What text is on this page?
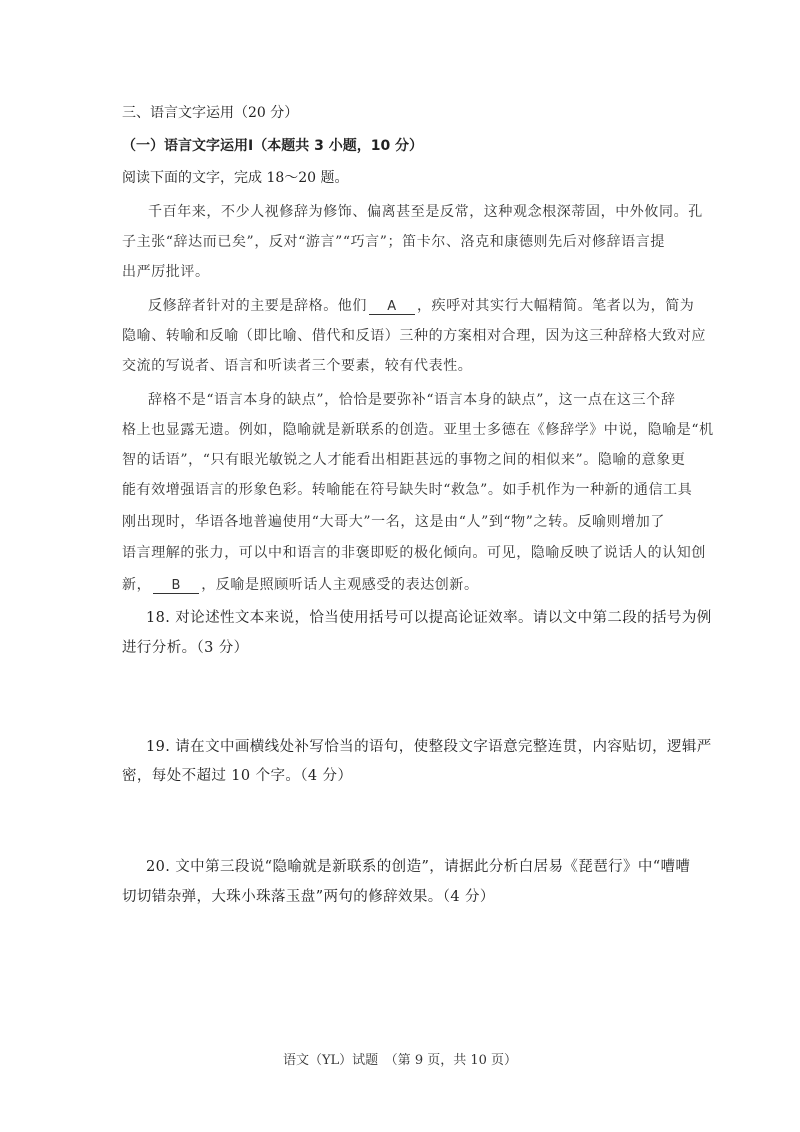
三、语言文字运用（20 分）
（一）语言文字运用Ⅰ（本题共 3 小题，10 分）
阅读下面的文字，完成 18～20 题。
千百年来，不少人视修辞为修饰、偏离甚至是反常，这种观念根深蒂固，中外攸同。孔
子主张“辞达而已矣”，反对“游言”“巧言”；笛卡尔、洛克和康德则先后对修辞语言提
出严厉批评。
反修辞者针对的主要是辞格。他们 A ，疾呼对其实行大幅精简。笔者以为，简为
隐喻、转喻和反喻（即比喻、借代和反语）三种的方案相对合理，因为这三种辞格大致对应
交流的写说者、语言和听读者三个要素，较有代表性。
辞格不是“语言本身的缺点”，恰恰是要弥补“语言本身的缺点”，这一点在这三个辞
格上也显露无遗。例如，隐喻就是新联系的创造。亚里士多德在《修辞学》中说，隐喻是“机
智的话语”，“只有眼光敏锐之人才能看出相距甚远的事物之间的相似来”。隐喻的意象更
能有效增强语言的形象色彩。转喻能在符号缺失时“救急”。如手机作为一种新的通信工具
刚出现时，华语各地普遍使用“大哥大”一名，这是由“人”到“物”之转。反喻则增加了
语言理解的张力，可以中和语言的非褒即贬的极化倾向。可见，隐喻反映了说话人的认知创
新， B ，反喻是照顾听话人主观感受的表达创新。
18. 对论述性文本来说，恰当使用括号可以提高论证效率。请以文中第二段的括号为例
进行分析。（3 分）
19. 请在文中画横线处补写恰当的语句，使整段文字语意完整连贯，内容贴切，逻辑严
密，每处不超过 10 个字。（4 分）
20. 文中第三段说“隐喻就是新联系的创造”，请据此分析白居易《琵琶行》中“嘈嘈
切切错杂弹，大珠小珠落玉盘”两句的修辞效果。（4 分）
语文（YL）试题　（第 9 页，共 10 页）
